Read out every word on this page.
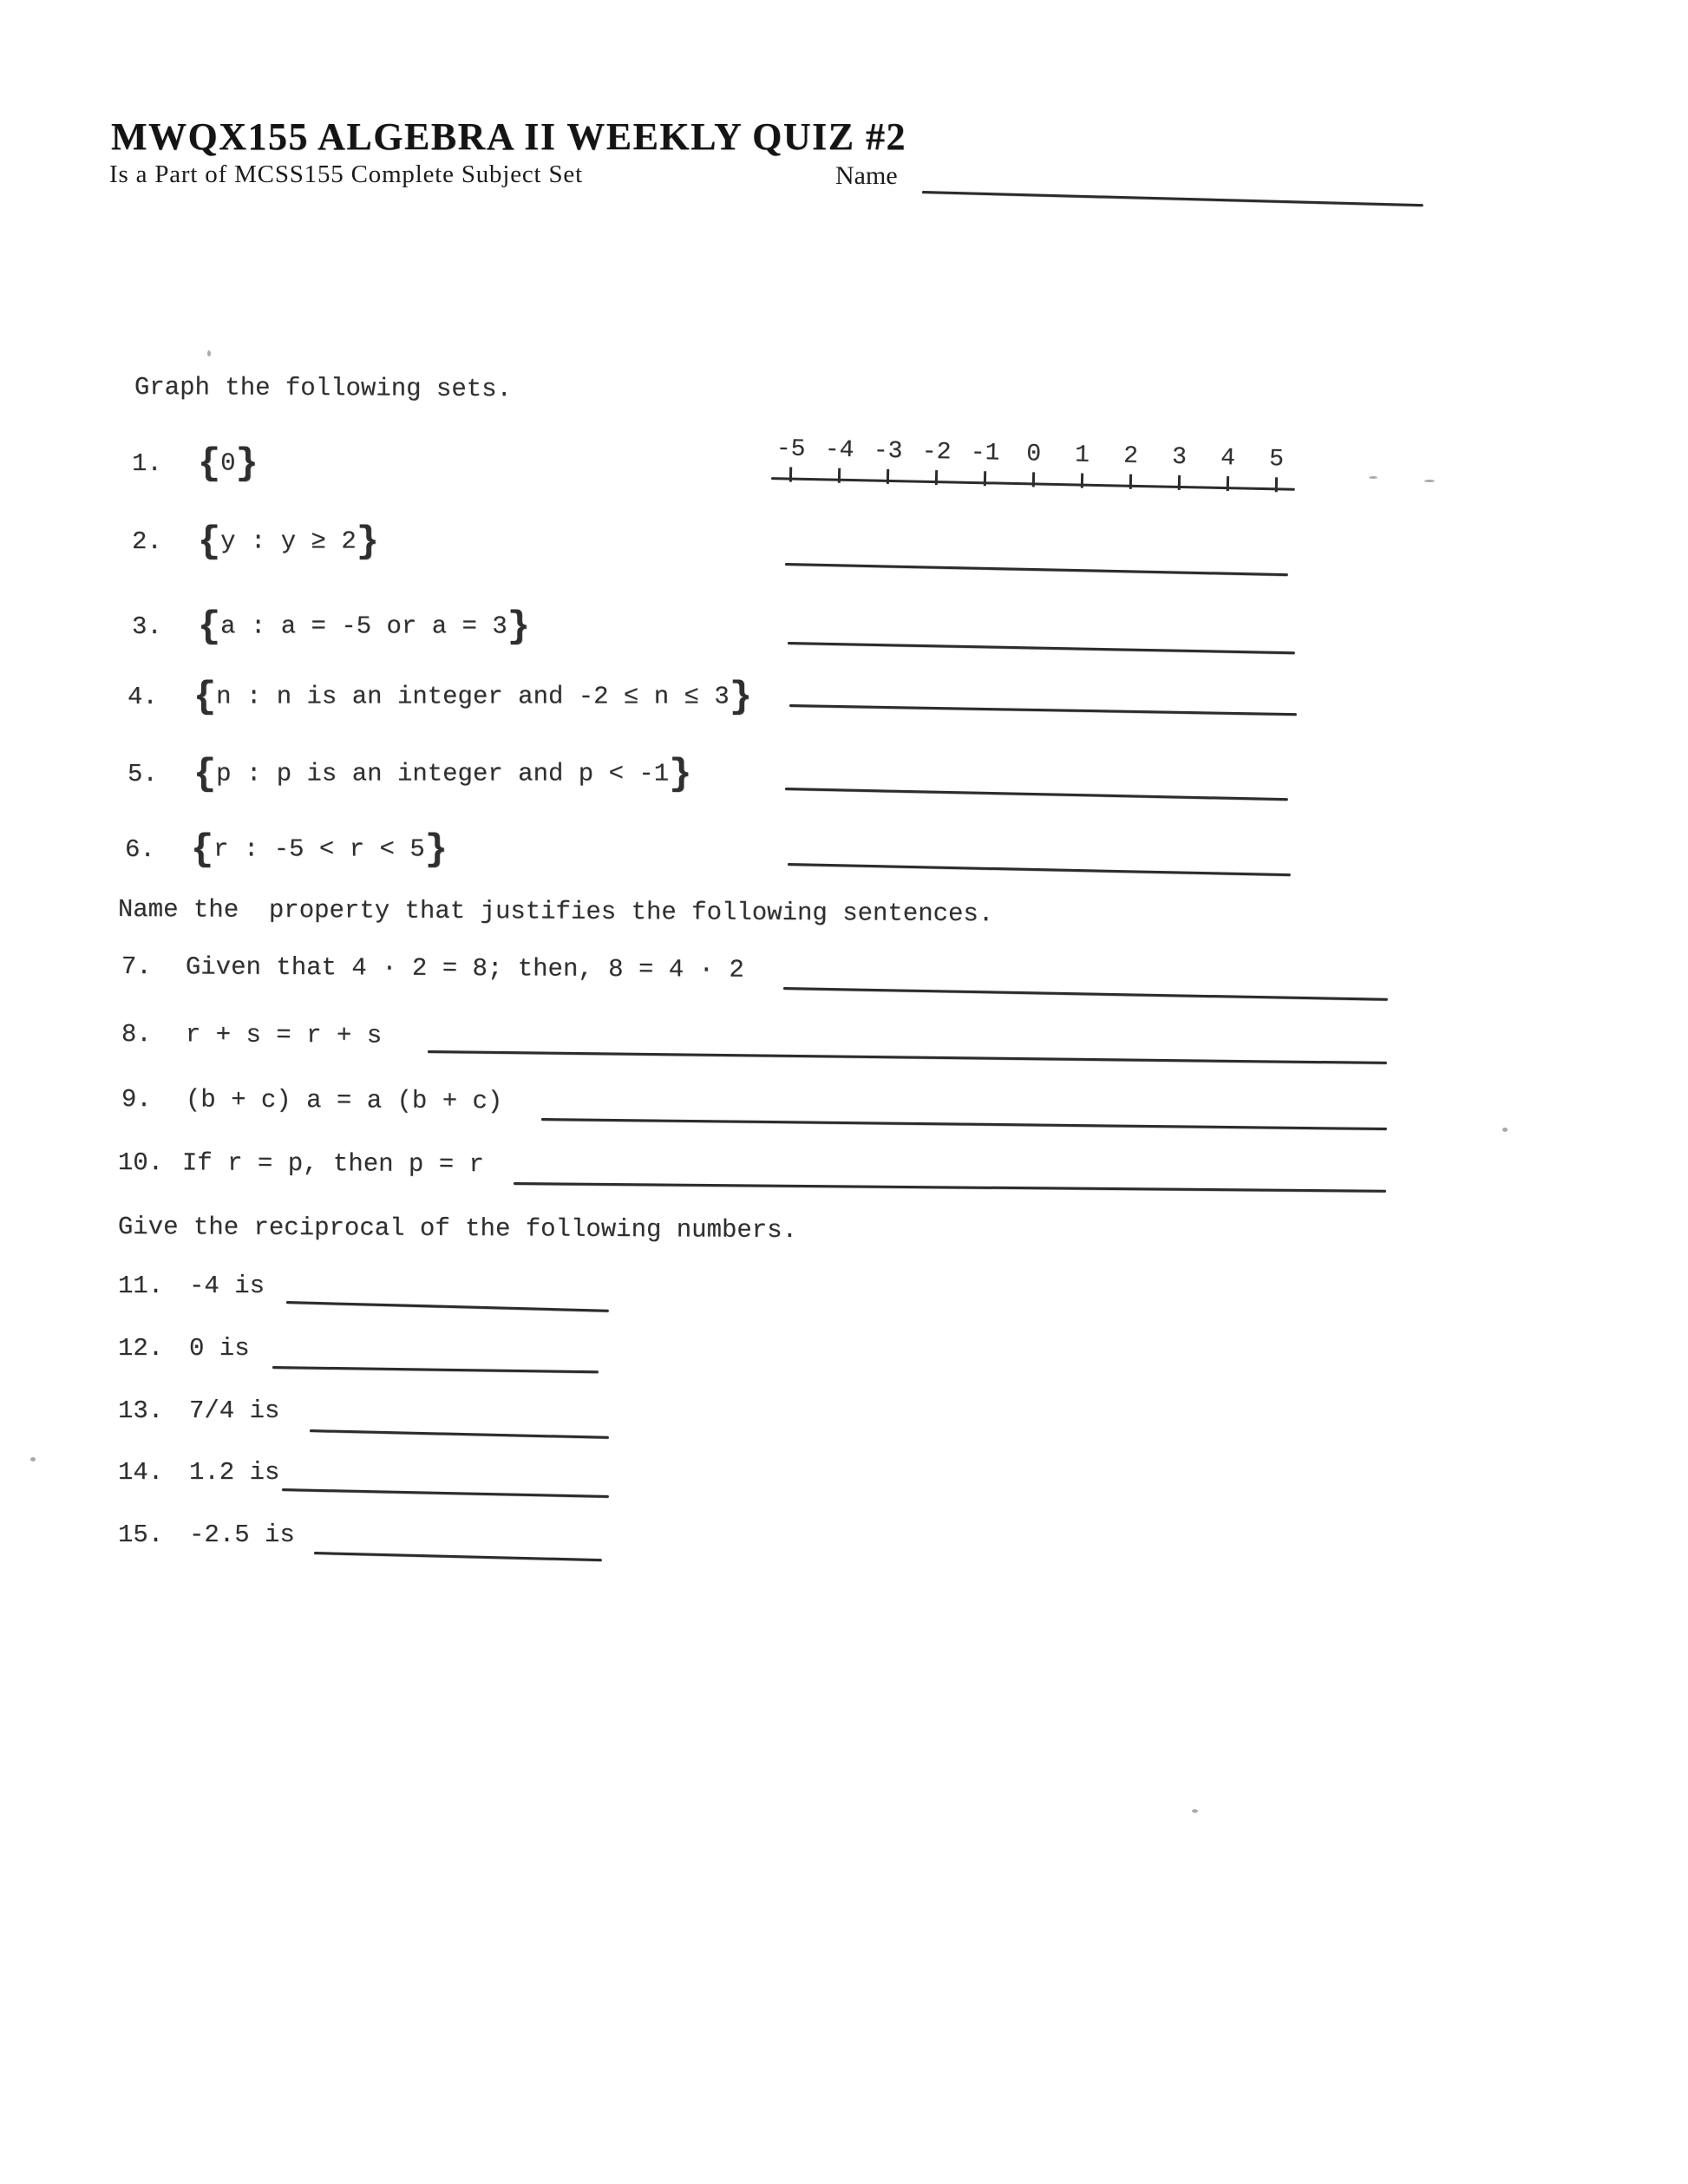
MWQX155 ALGEBRA II WEEKLY QUIZ #2
Is a Part of MCSS155 Complete Subject Set	Name
Graph the following sets.
1. {0}	-5 -4 -3 -2 -1	0	1	2	3	4	5
2. {y : y ≥ 2}
3. {a : a = -5 or a = 3}
4. {n : n is an integer and -2 ≤ n ≤ 3}
5. {p : p is an integer and p < -1}
6. {r : -5 < r < 5}
Name the  property that justifies the following sentences.
7. Given that 4 · 2 = 8; then, 8 = 4 · 2
8. r + s = r + s
9. (b + c) a = a (b + c)
10. If r = p, then p = r
Give the reciprocal of the following numbers.
11. -4 is
12. 0 is
13. 7/4 is
14. 1.2 is
15. -2.5 is
